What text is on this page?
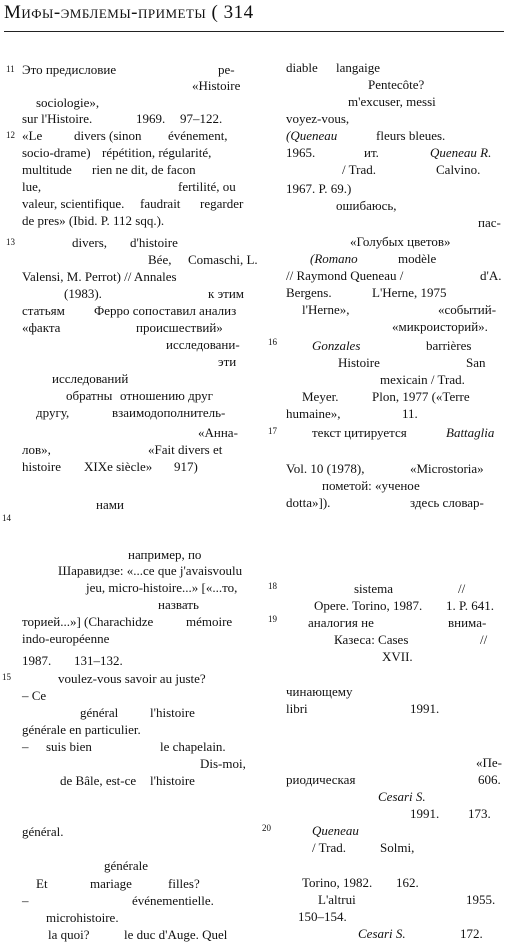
Мифы-эмблемы-приметы ( 314
11
12
13
14
15
16
17
18
19
20
Это предисловие	ре-
«Histoire
sociologie»,
sur l'Histoire.	1969. 97–122.
«Le divers (sinon événement,
socio-drame) répétition, régularité,
multitude rien ne dit, de facon
lue,	fertilité, ou
valeur, scientifique. faudrait regarder
de pres» (Ibid. P. 112 sqq.).
divers, d'histoire
Bée, Comaschi, L.
Valensi, M. Perrot) // Annales
(1983).	к этим
статьям Ферро сопоставил анализ
«факта	происшествий»
исследовани-
эти
исследований
обратны отношению друг
другу,	взаимодополнитель-
«Анна-
лов»,	«Fait divers et
histoire XIXe siècle» 917)
нами
например, по
Шаравидзе: «...ce que j'avaisvoulu
jeu, micro-histoire...» [«...то,
назвать
торией...»] (Charachidze	mémoire
indo-européenne
1987. 131–132.
voulez-vous savoir au juste?
– Ce
général l'histoire
générale en particulier.
– suis bien	le chapelain.
Dis-moi,
de Bâle, est-ce l'histoire
général.
générale
Et	mariage	filles?
–	événementielle.
microhistoire.
la quoi?	le duc d'Auge. Quel
diable langaige
Pentecôte?
m'excuser, messi
voyez-vous,
(Queneau	fleurs bleues.
1965.	ит.	Queneau R.
/ Trad.	Calvino.
1967. P. 69.)
ошибаюсь,
пас-
«Голубых цветов»
(Romano	modèle
// Raymond Queneau /	d'A.
Bergens.	L'Herne, 1975
l'Herne»,	«событий-
«микроисторий».
Gonzales	barrières
Histoire	San
mexicain / Trad.
Meyer.	Plon, 1977 («Terre
humaine»,	11.
текст цитируется	Battaglia
Vol. 10 (1978),	«Microstoria»
пометой: «ученое
dotta»]).	здесь словар-
sistema	//
Opere. Torino, 1987. 1. P. 641.
аналогия не	внима-
Казеса: Cases	//
XVII.
чинающему
libri	1991.
«Пе-
риодическая	606.
Cesari S.
1991. 173.
Queneau
/ Trad.	Solmi,
Torino, 1982. 162.
L'altrui	1955.
150–154.
Cesari S.	172.
